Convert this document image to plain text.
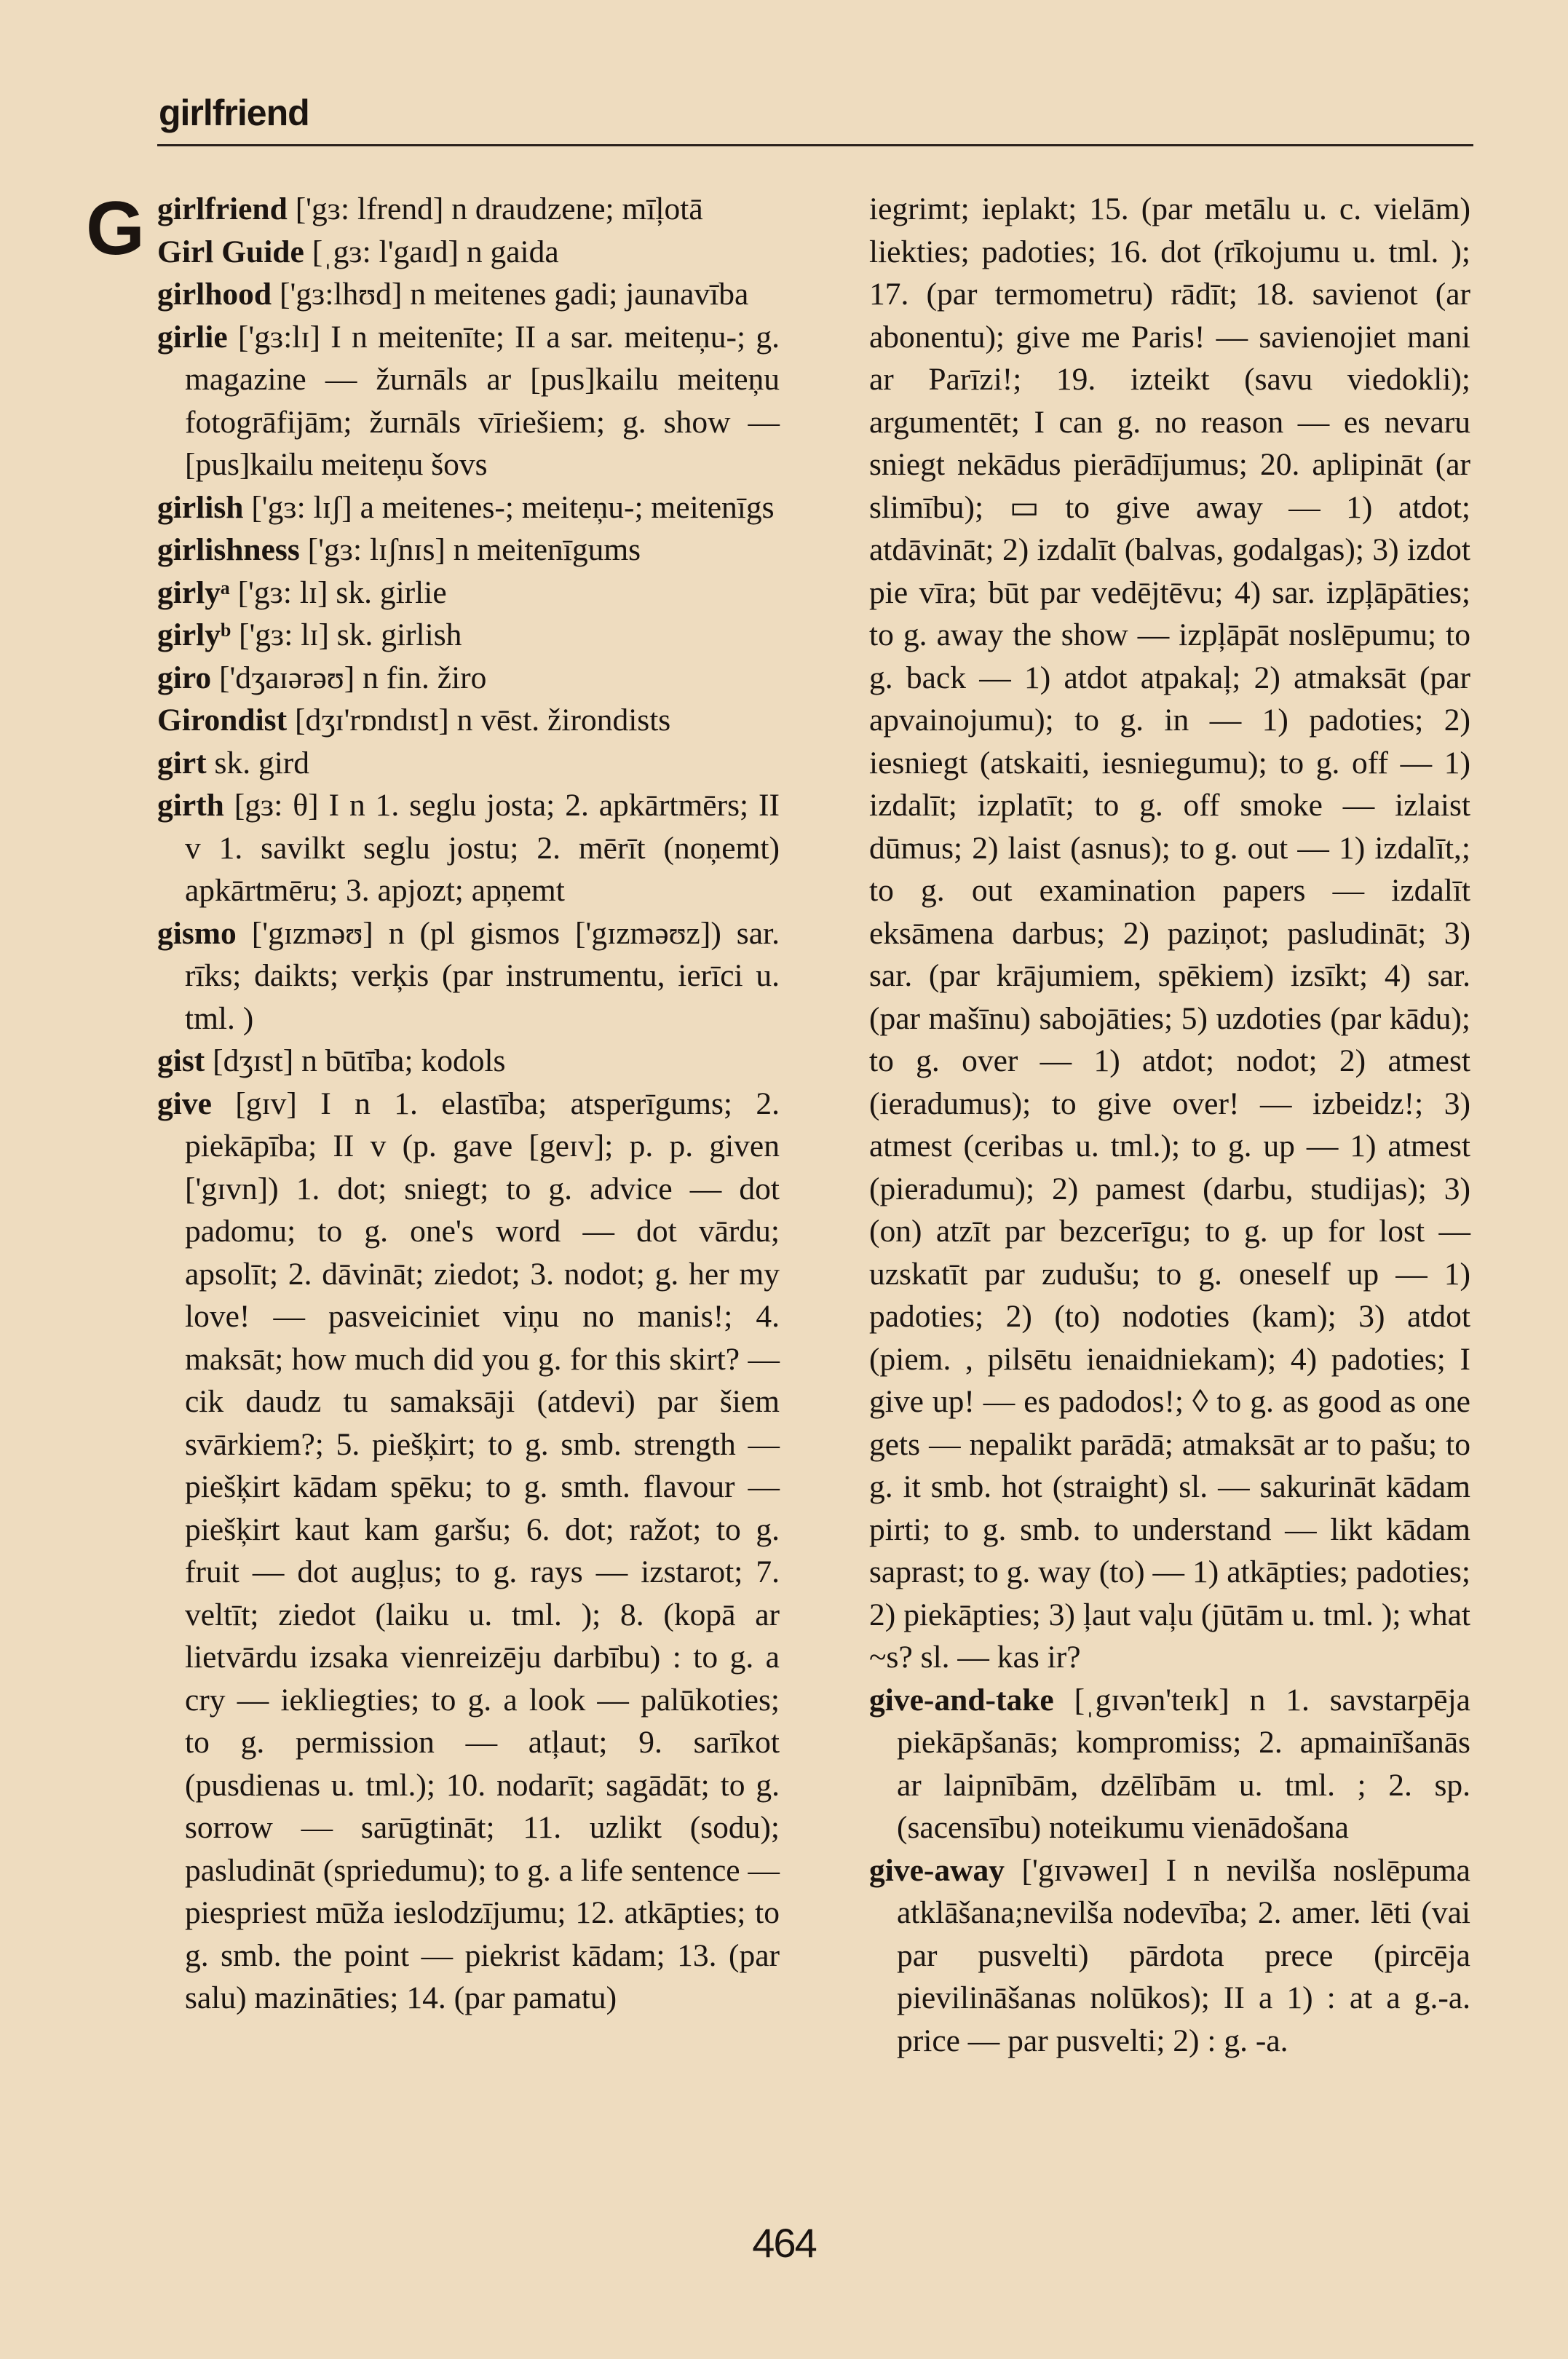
girlfriend
G girlfriend ['gɜ: lfrend] n draudzene; mīļotā

Girl Guide [ˌgɜ: l'gaɪd] n gaida

girlhood ['gɜ:lhʊd] n meitenes gadi; jaunavība

girlie ['gɜ:lɪ] I n meitenīte; II a sar. meiteņu-; g. magazine — žurnāls ar [pus]kailu meiteņu fotogrāfijām; žurnāls vīriešiem; g. show — [pus]kailu meiteņu šovs

girlish ['gɜ: lɪʃ] a meitenes-; meiteņu-; meitenīgs

girlishness ['gɜ: lɪʃnɪs] n meitenīgums

girlyᵃ ['gɜ: lɪ] sk. girlie

girlyᵇ ['gɜ: lɪ] sk. girlish

giro ['dʒaɪərəʊ] n fin. žiro

Girondist [dʒɪ'rɒndɪst] n vēst. žirondists

girt sk. gird

girth [gɜ: θ] I n 1. seglu josta; 2. apkārtmērs; II v 1. savilkt seglu jostu; 2. mērīt (noņemt) apkārtmēru; 3. apjozt; apņemt

gismo ['gɪzməʊ] n (pl gismos ['gɪzməʊz]) sar. rīks; daikts; verķis (par instrumentu, ierīci u. tml. )

gist [dʒɪst] n būtība; kodols

give [gɪv] I n 1. elastība; atsperīgums; 2. piekāpība; II v (p. gave [geɪv]; p. p. given ['gɪvn]) 1. dot; sniegt; to g. advice — dot padomu; to g. one's word — dot vārdu; apsolīt; 2. dāvināt; ziedot; 3. nodot; g. her my love! — pasveiciniet viņu no manis!; 4. maksāt; how much did you g. for this skirt? — cik daudz tu samaksāji (atdevi) par šiem svārkiem?; 5. piešķirt; to g. smb. strength — piešķirt kādam spēku; to g. smth. flavour — piešķirt kaut kam garšu; 6. dot; ražot; to g. fruit — dot augļus; to g. rays — izstarot; 7. veltīt; ziedot (laiku u. tml. ); 8. (kopā ar lietvārdu izsaka vienreizēju darbību) : to g. a cry — iekliegties; to g. a look — palūkoties; to g. permission — atļaut; 9. sarīkot (pusdienas u. tml.); 10. nodarīt; sagādāt; to g. sorrow — sarūgtināt; 11. uzlikt (sodu); pasludināt (spriedumu); to g. a life sentence — piespriest mūža ieslodzījumu; 12. atkāpties; to g. smb. the point — piekrist kādam; 13. (par salu) mazināties; 14. (par pamatu)

iegrimt; ieplakt; 15. (par metālu u. c. vielām) liekties; padoties; 16. dot (rīkojumu u. tml. ); 17. (par termometru) rādīt; 18. savienot (ar abonentu); give me Paris! — savienojiet mani ar Parīzi!; 19. izteikt (savu viedokli); argumentēt; I can g. no reason — es nevaru sniegt nekādus pierādījumus; 20. aplipināt (ar slimību); ▭ to give away — 1) atdot; atdāvināt; 2) izdalīt (balvas, godalgas); 3) izdot pie vīra; būt par vedējtēvu; 4) sar. izpļāpāties; to g. away the show — izpļāpāt noslēpumu; to g. back — 1) atdot atpakaļ; 2) atmaksāt (par apvainojumu); to g. in — 1) padoties; 2) iesniegt (atskaiti, iesniegumu); to g. off — 1) izdalīt; izplatīt; to g. off smoke — izlaist dūmus; 2) laist (asnus); to g. out — 1) izdalīt,; to g. out examination papers — izdalīt eksāmena darbus; 2) paziņot; pasludināt; 3) sar. (par krājumiem, spēkiem) izsīkt; 4) sar. (par mašīnu) sabojāties; 5) uzdoties (par kādu); to g. over — 1) atdot; nodot; 2) atmest (ieradumus); to give over! — izbeidz!; 3) atmest (ceribas u. tml.); to g. up — 1) atmest (pieradumu); 2) pamest (darbu, studijas); 3) (on) atzīt par bezcerīgu; to g. up for lost — uzskatīt par zudušu; to g. oneself up — 1) padoties; 2) (to) nodoties (kam); 3) atdot (piem. , pilsētu ienaidniekam); 4) padoties; I give up! — es padodos!; ◊ to g. as good as one gets — nepalikt parādā; atmaksāt ar to pašu; to g. it smb. hot (straight) sl. — sakurināt kādam pirti; to g. smb. to understand — likt kādam saprast; to g. way (to) — 1) atkāpties; padoties; 2) piekāpties; 3) ļaut vaļu (jūtām u. tml. ); what ~s? sl. — kas ir?

give-and-take [ˌgɪvən'teɪk] n 1. savstarpēja piekāpšanās; kompromiss; 2. apmainīšanās ar laipnībām, dzēlībām u. tml. ; 2. sp. (sacensību) noteikumu vienādošana

give-away ['gɪvəweɪ] I n nevilša noslēpuma atklāšana;nevilša nodevība; 2. amer. lēti (vai par pusvelti) pārdota prece (pircēja pievilināšanas nolūkos); II a 1) : at a g.-a. price — par pusvelti; 2) : g. -a.

464
